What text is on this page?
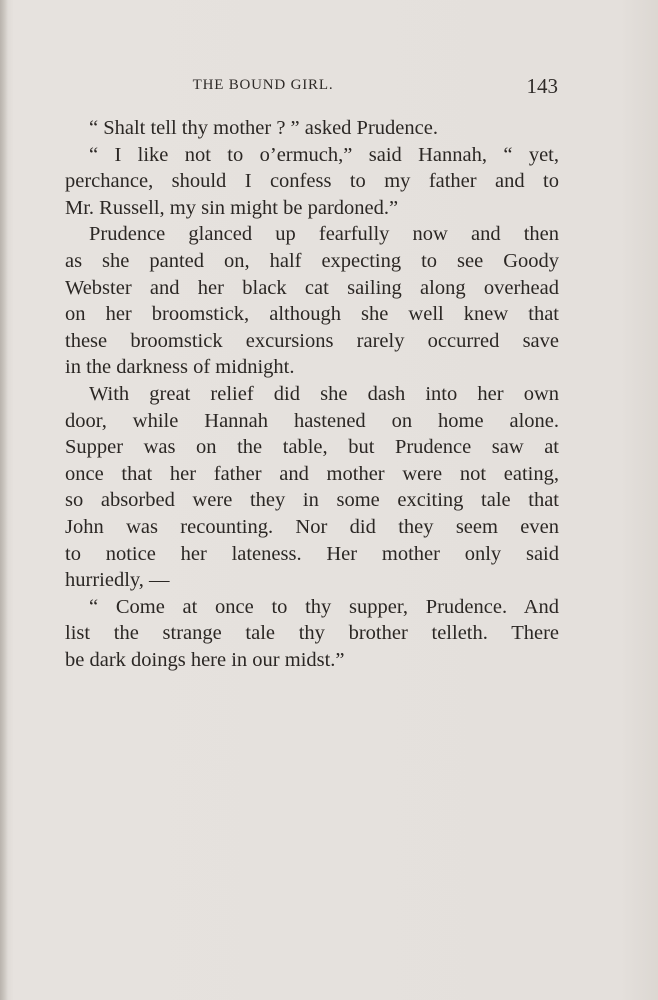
THE BOUND GIRL.	143
“ Shalt tell thy mother ? ” asked Prudence.
“ I like not to o’ermuch,” said Hannah, “ yet,
perchance, should I confess to my father and to
Mr. Russell, my sin might be pardoned.”
Prudence glanced up fearfully now and then
as she panted on, half expecting to see Goody
Webster and her black cat sailing along overhead
on her broomstick, although she well knew that
these broomstick excursions rarely occurred save
in the darkness of midnight.
With great relief did she dash into her own
door, while Hannah hastened on home alone.
Supper was on the table, but Prudence saw at
once that her father and mother were not eating,
so absorbed were they in some exciting tale that
John was recounting. Nor did they seem even
to notice her lateness. Her mother only said
hurriedly, —
“ Come at once to thy supper, Prudence. And
list the strange tale thy brother telleth. There
be dark doings here in our midst.”
